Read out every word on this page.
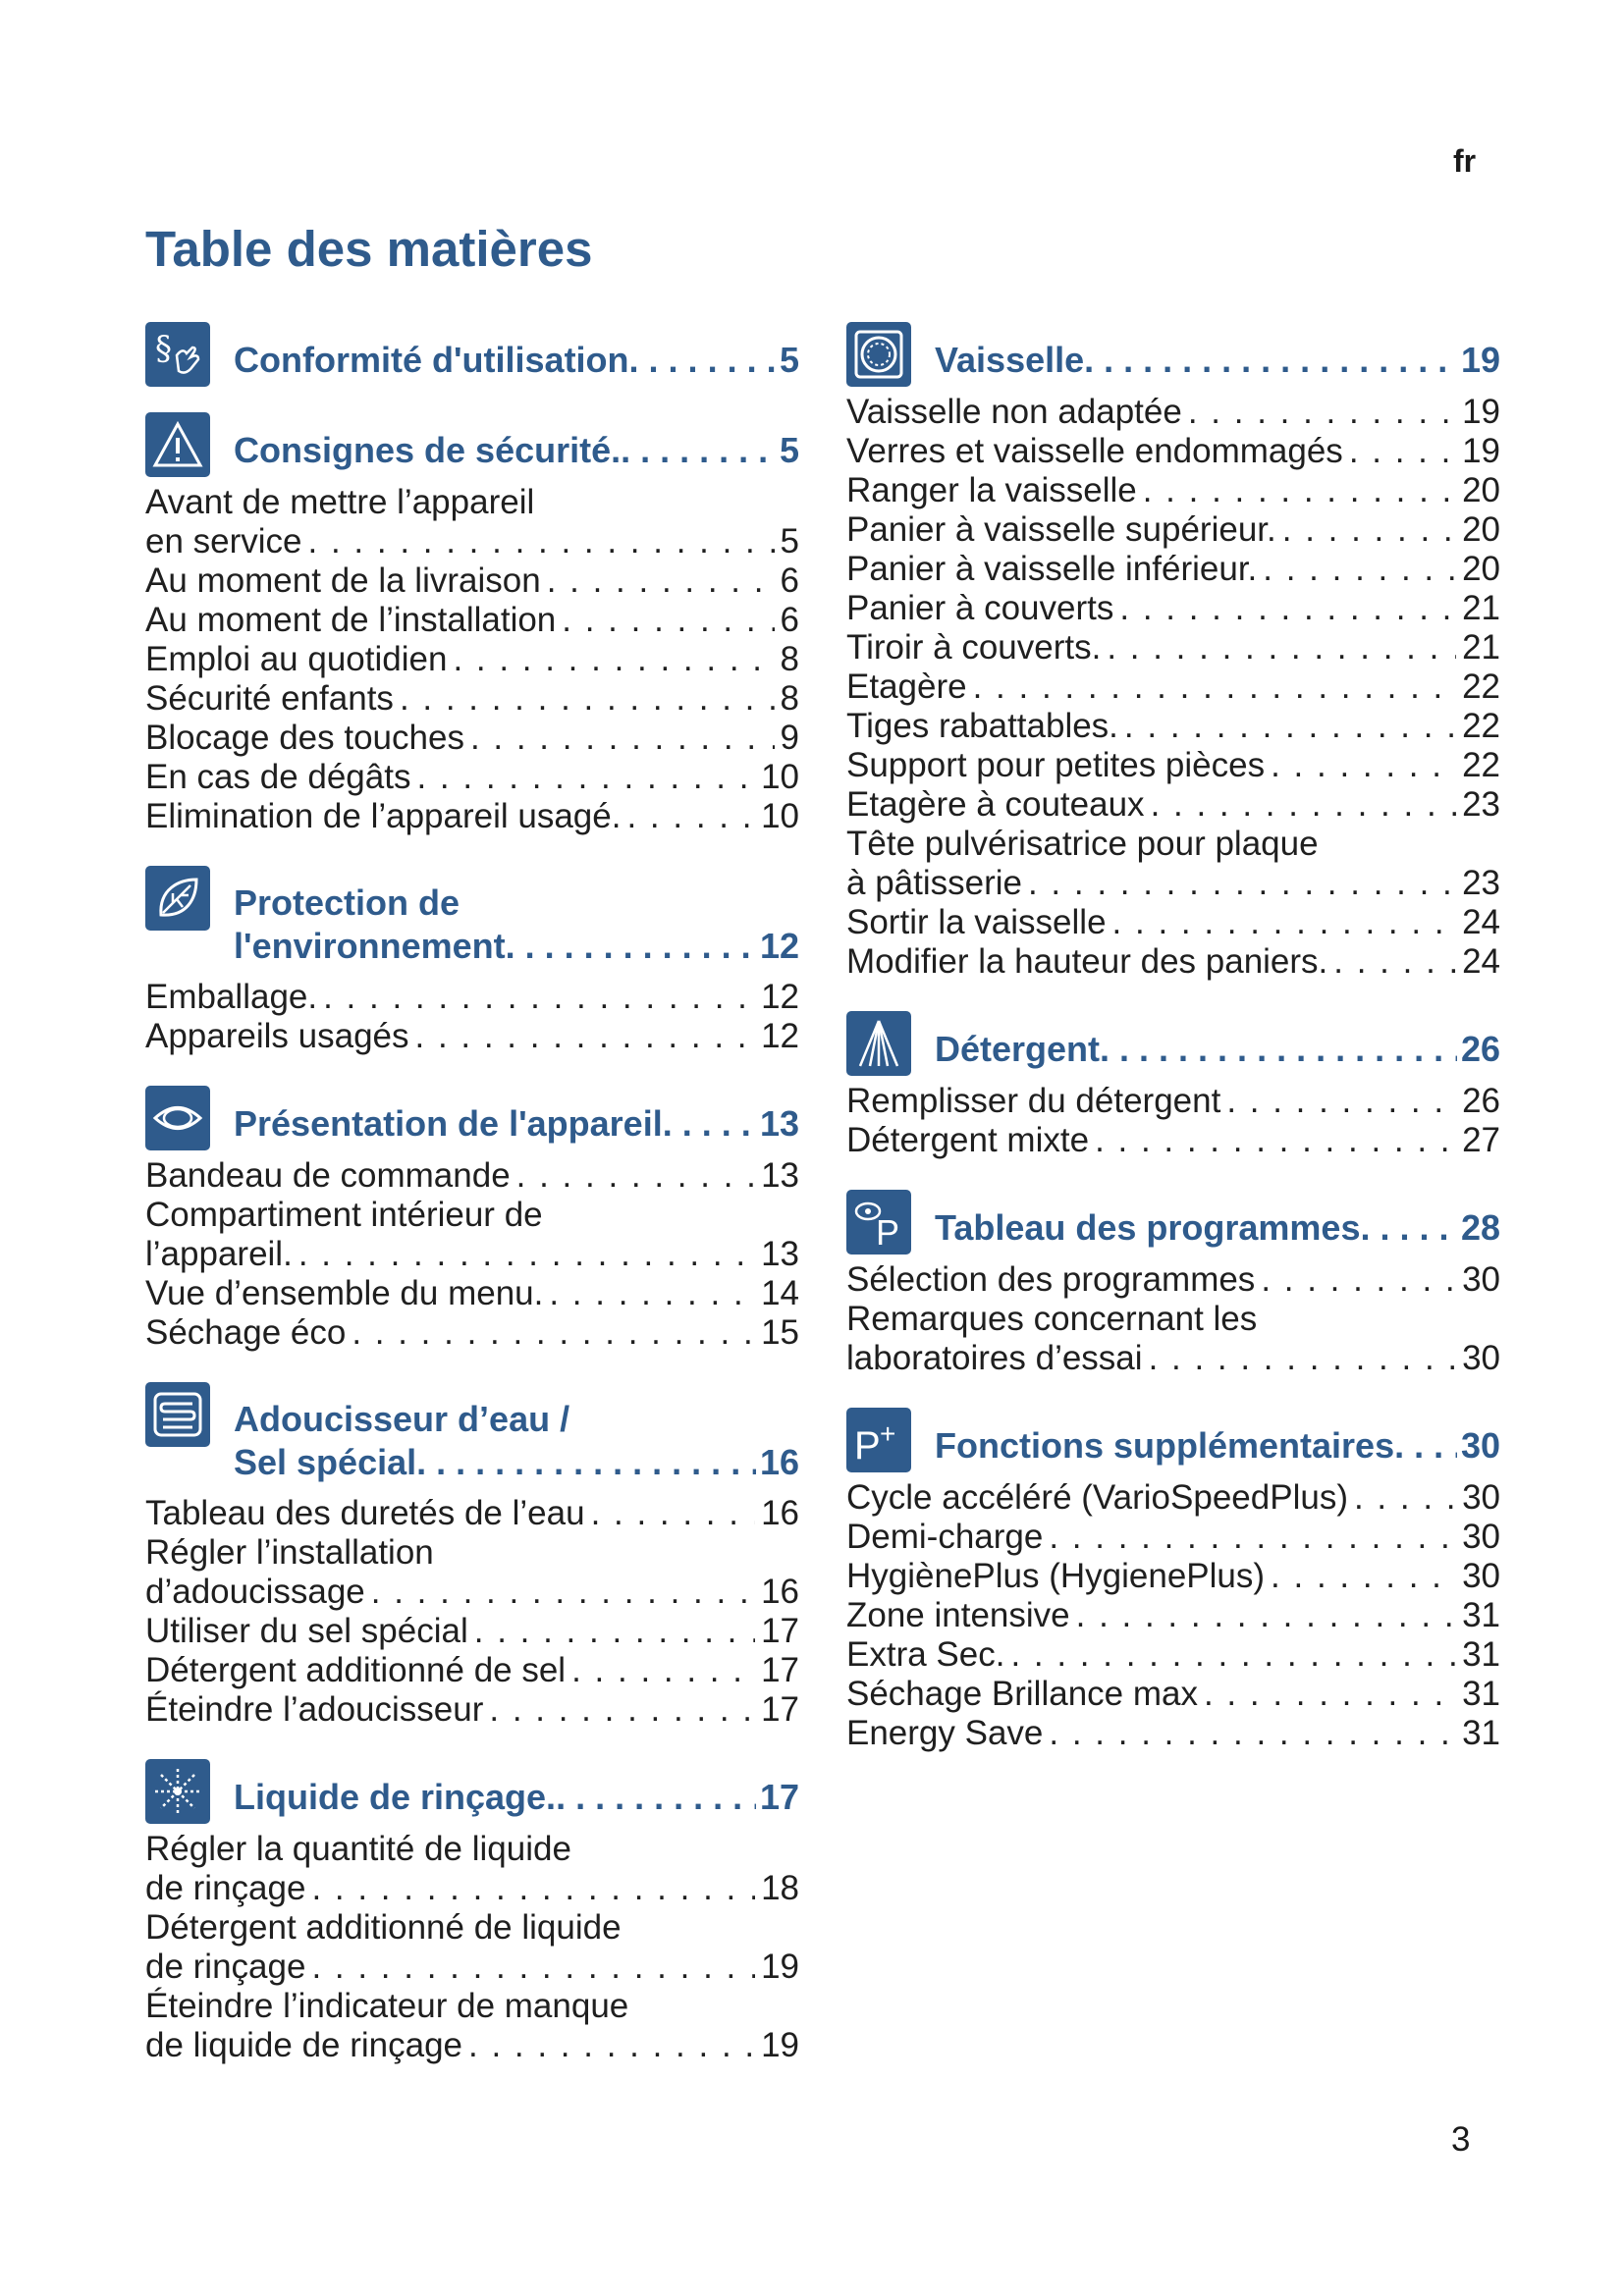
fr
Table des matières
§ Conformité d'utilisation . . .	5
Consignes de sécurité. . . .	5
Avant de mettre l’appareil
en service . . .	5
Au moment de la livraison . . .	6
Au moment de l’installation . . .	6
Emploi au quotidien . . .	8
Sécurité enfants . . .	8
Blocage des touches . . .	9
En cas de dégâts . . .	10
Elimination de l’appareil usagé. . . .	10
Protection de
l'environnement . . .	12
Emballage. . . .	12
Appareils usagés . . .	12
Présentation de l'appareil . . .	13
Bandeau de commande . . .	13
Compartiment intérieur de
l’appareil. . . .	13
Vue d’ensemble du menu. . . .	14
Séchage éco . . .	15
Adoucisseur d’eau /
Sel spécial . . .	16
Tableau des duretés de l’eau . . .	16
Régler l’installation
d’adoucissage . . .	16
Utiliser du sel spécial . . .	17
Détergent additionné de sel . . .	17
Éteindre l’adoucisseur . . .	17
Liquide de rinçage. . . .	17
Régler la quantité de liquide
de rinçage . . .	18
Détergent additionné de liquide
de rinçage . . .	19
Éteindre l’indicateur de manque
de liquide de rinçage . . .	19
Vaisselle . . .	19
Vaisselle non adaptée . . .	19
Verres et vaisselle endommagés . . .	19
Ranger la vaisselle . . .	20
Panier à vaisselle supérieur. . . .	20
Panier à vaisselle inférieur. . . .	20
Panier à couverts . . .	21
Tiroir à couverts. . . .	21
Etagère . . .	22
Tiges rabattables. . . .	22
Support pour petites pièces . . .	22
Etagère à couteaux . . .	23
Tête pulvérisatrice pour plaque
à pâtisserie . . .	23
Sortir la vaisselle . . .	24
Modifier la hauteur des paniers. . . .	24
Détergent . . .	26
Remplisser du détergent . . .	26
Détergent mixte . . .	27
P Tableau des programmes . . .	28
Sélection des programmes . . .	30
Remarques concernant les
laboratoires d’essai . . .	30
P + Fonctions supplémentaires . . . 30
Cycle accéléré (VarioSpeedPlus) . . .	30
Demi-charge . . .	30
HygiènePlus (HygienePlus) . . .	30
Zone intensive . . .	31
Extra Sec. . . .	31
Séchage Brillance max . . .	31
Energy Save . . .	31
3
